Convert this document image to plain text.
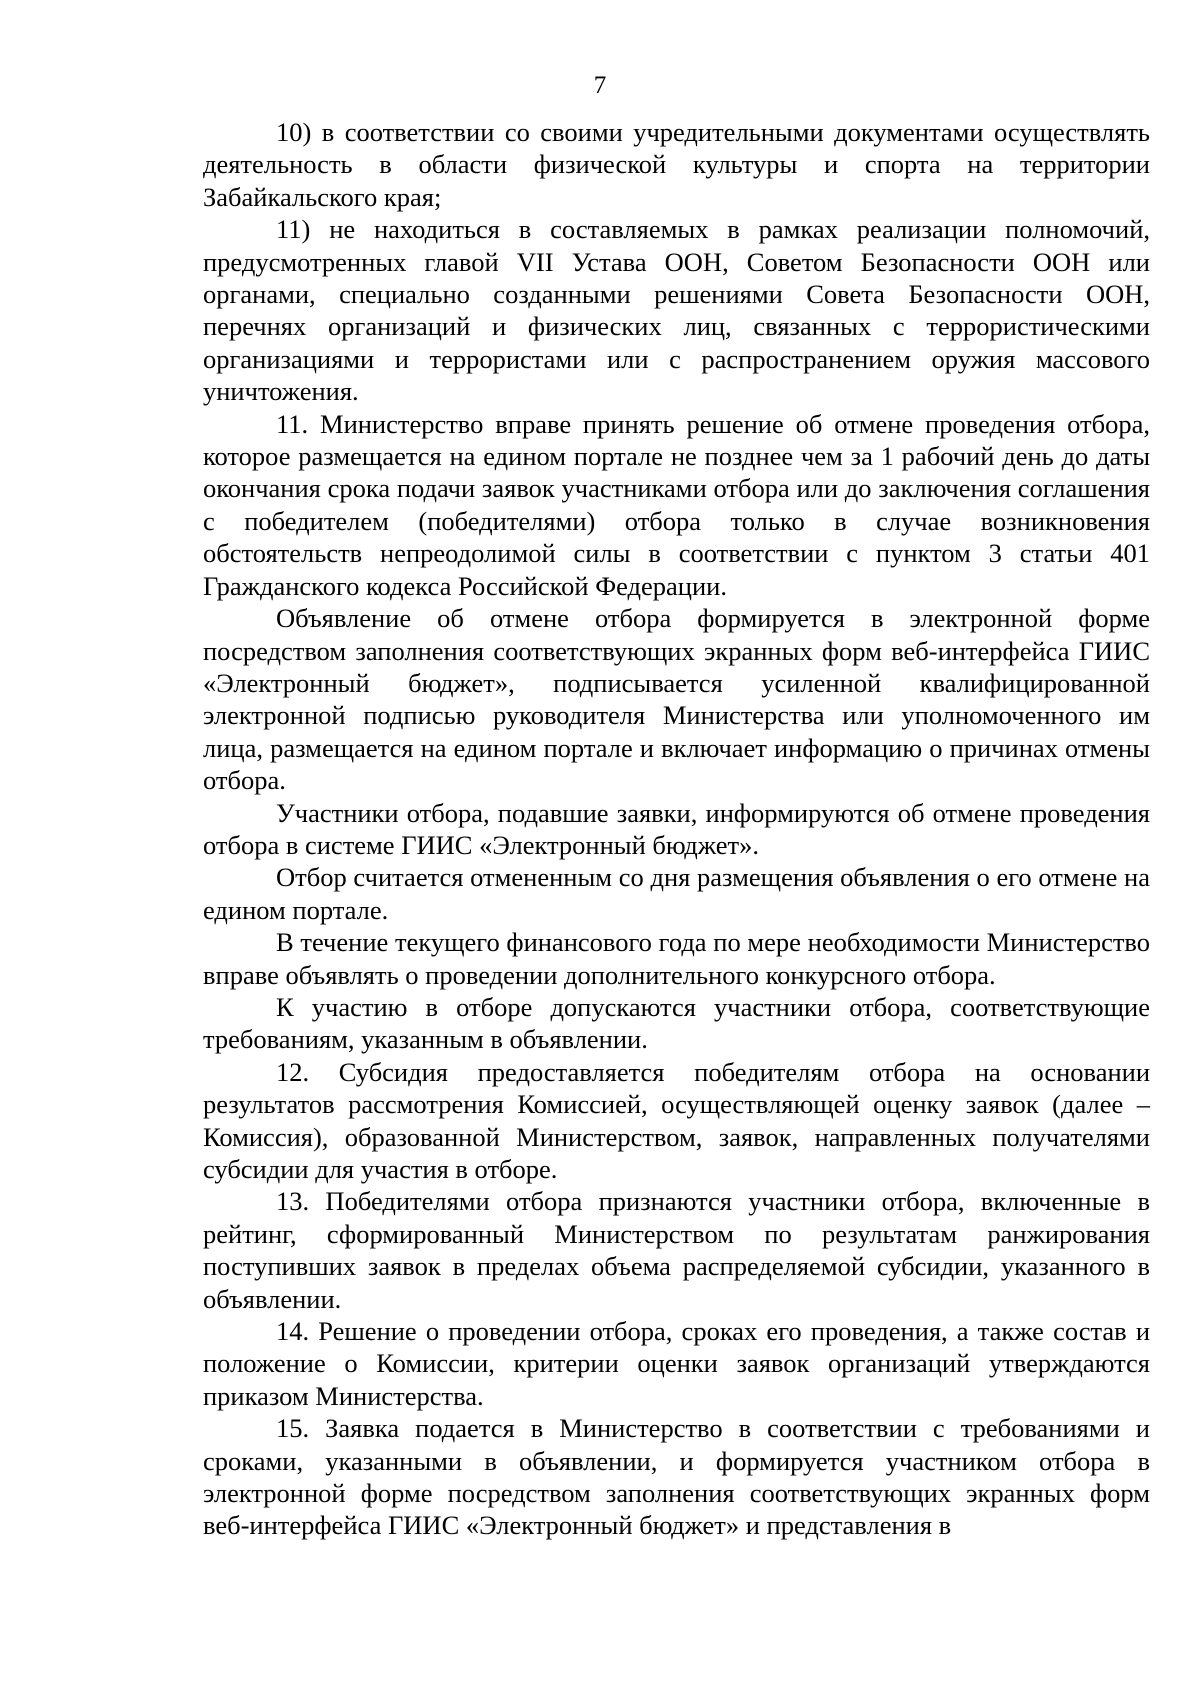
7

10) в соответствии со своими учредительными документами осуществлять деятельность в области физической культуры и спорта на территории Забайкальского края;

11) не находиться в составляемых в рамках реализации полномочий, предусмотренных главой VII Устава ООН, Советом Безопасности ООН или органами, специально созданными решениями Совета Безопасности ООН, перечнях организаций и физических лиц, связанных с террористическими организациями и террористами или с распространением оружия массового уничтожения.

11. Министерство вправе принять решение об отмене проведения отбора, которое размещается на едином портале не позднее чем за 1 рабочий день до даты окончания срока подачи заявок участниками отбора или до заключения соглашения с победителем (победителями) отбора только в случае возникновения обстоятельств непреодолимой силы в соответствии с пунктом 3 статьи 401 Гражданского кодекса Российской Федерации.

Объявление об отмене отбора формируется в электронной форме посредством заполнения соответствующих экранных форм веб-интерфейса ГИИС «Электронный бюджет», подписывается усиленной квалифицированной электронной подписью руководителя Министерства или уполномоченного им лица, размещается на едином портале и включает информацию о причинах отмены отбора.

Участники отбора, подавшие заявки, информируются об отмене проведения отбора в системе ГИИС «Электронный бюджет».

Отбор считается отмененным со дня размещения объявления о его отмене на едином портале.

В течение текущего финансового года по мере необходимости Министерство вправе объявлять о проведении дополнительного конкурсного отбора.

К участию в отборе допускаются участники отбора, соответствующие требованиям, указанным в объявлении.

12. Субсидия предоставляется победителям отбора на основании результатов рассмотрения Комиссией, осуществляющей оценку заявок (далее – Комиссия), образованной Министерством, заявок, направленных получателями субсидии для участия в отборе.

13. Победителями отбора признаются участники отбора, включенные в рейтинг, сформированный Министерством по результатам ранжирования поступивших заявок в пределах объема распределяемой субсидии, указанного в объявлении.

14. Решение о проведении отбора, сроках его проведения, а также состав и положение о Комиссии, критерии оценки заявок организаций утверждаются приказом Министерства.

15. Заявка подается в Министерство в соответствии с требованиями и сроками, указанными в объявлении, и формируется участником отбора в электронной форме посредством заполнения соответствующих экранных форм веб-интерфейса ГИИС «Электронный бюджет» и представления в
